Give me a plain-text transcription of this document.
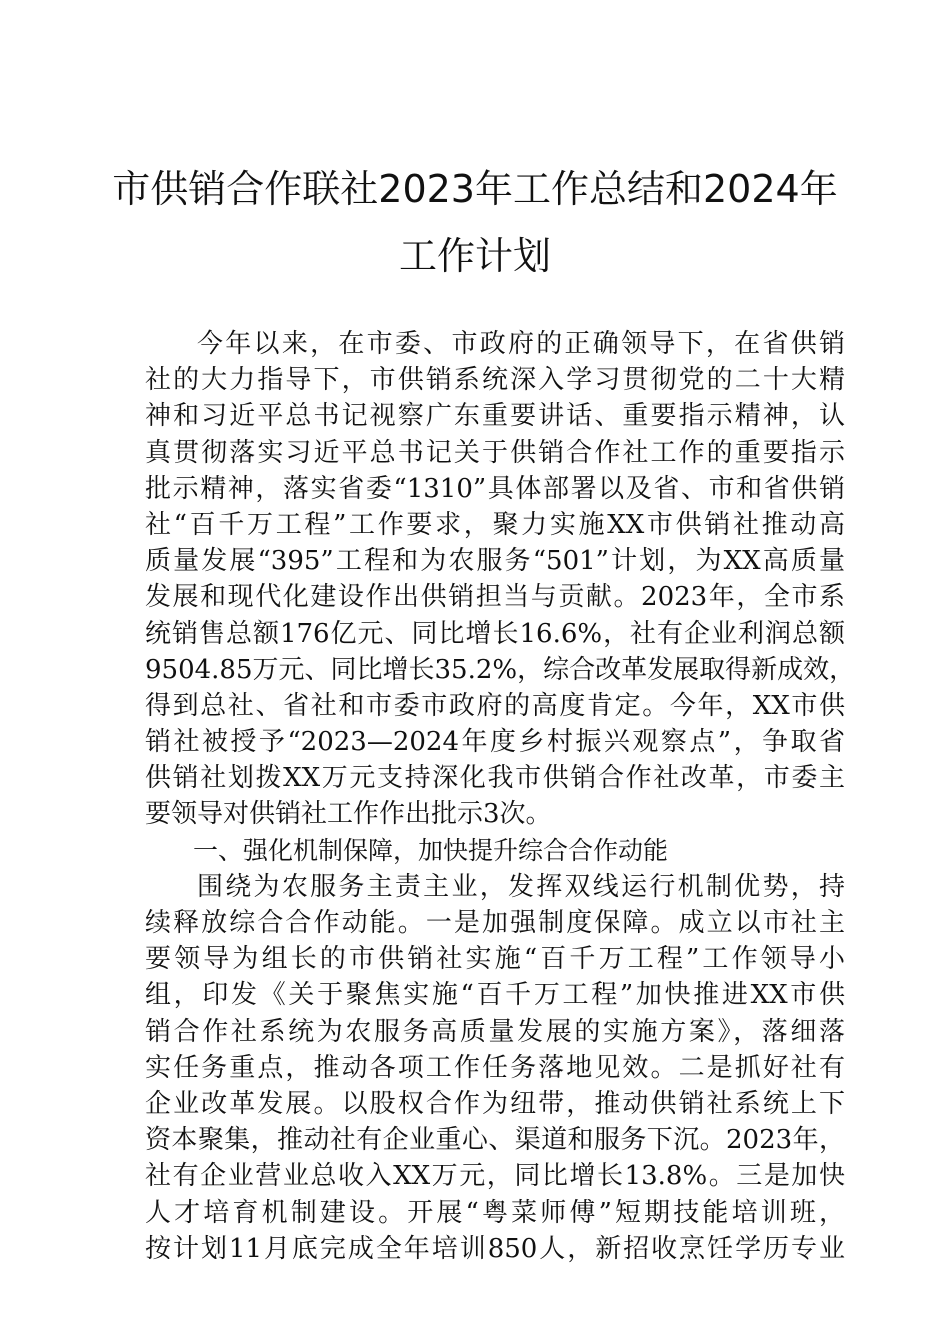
市供销合作联社2023年工作总结和2024年
工作计划
今年以来，在市委、市政府的正确领导下，在省供销
社的大力指导下，市供销系统深入学习贯彻党的二十大精
神和习近平总书记视察广东重要讲话、重要指示精神，认
真贯彻落实习近平总书记关于供销合作社工作的重要指示
批示精神，落实省委“1310”具体部署以及省、市和省供销
社“百千万工程”工作要求，聚力实施XX市供销社推动高
质量发展“395”工程和为农服务“501”计划，为XX高质量
发展和现代化建设作出供销担当与贡献。2023年，全市系
统销售总额176亿元、同比增长16.6%，社有企业利润总额
9504.85万元、同比增长35.2%，综合改革发展取得新成效，
得到总社、省社和市委市政府的高度肯定。今年，XX市供
销社被授予“2023—2024年度乡村振兴观察点”，争取省
供销社划拨XX万元支持深化我市供销合作社改革，市委主
要领导对供销社工作作出批示3次。
一、强化机制保障，加快提升综合合作动能
围绕为农服务主责主业，发挥双线运行机制优势，持
续释放综合合作动能。一是加强制度保障。成立以市社主
要领导为组长的市供销社实施“百千万工程”工作领导小
组，印发《关于聚焦实施“百千万工程”加快推进XX市供
销合作社系统为农服务高质量发展的实施方案》，落细落
实任务重点，推动各项工作任务落地见效。二是抓好社有
企业改革发展。以股权合作为纽带，推动供销社系统上下
资本聚集，推动社有企业重心、渠道和服务下沉。2023年，
社有企业营业总收入XX万元，同比增长13.8%。三是加快
人才培育机制建设。开展“粤菜师傅”短期技能培训班，
按计划11月底完成全年培训850人，新招收烹饪学历专业
